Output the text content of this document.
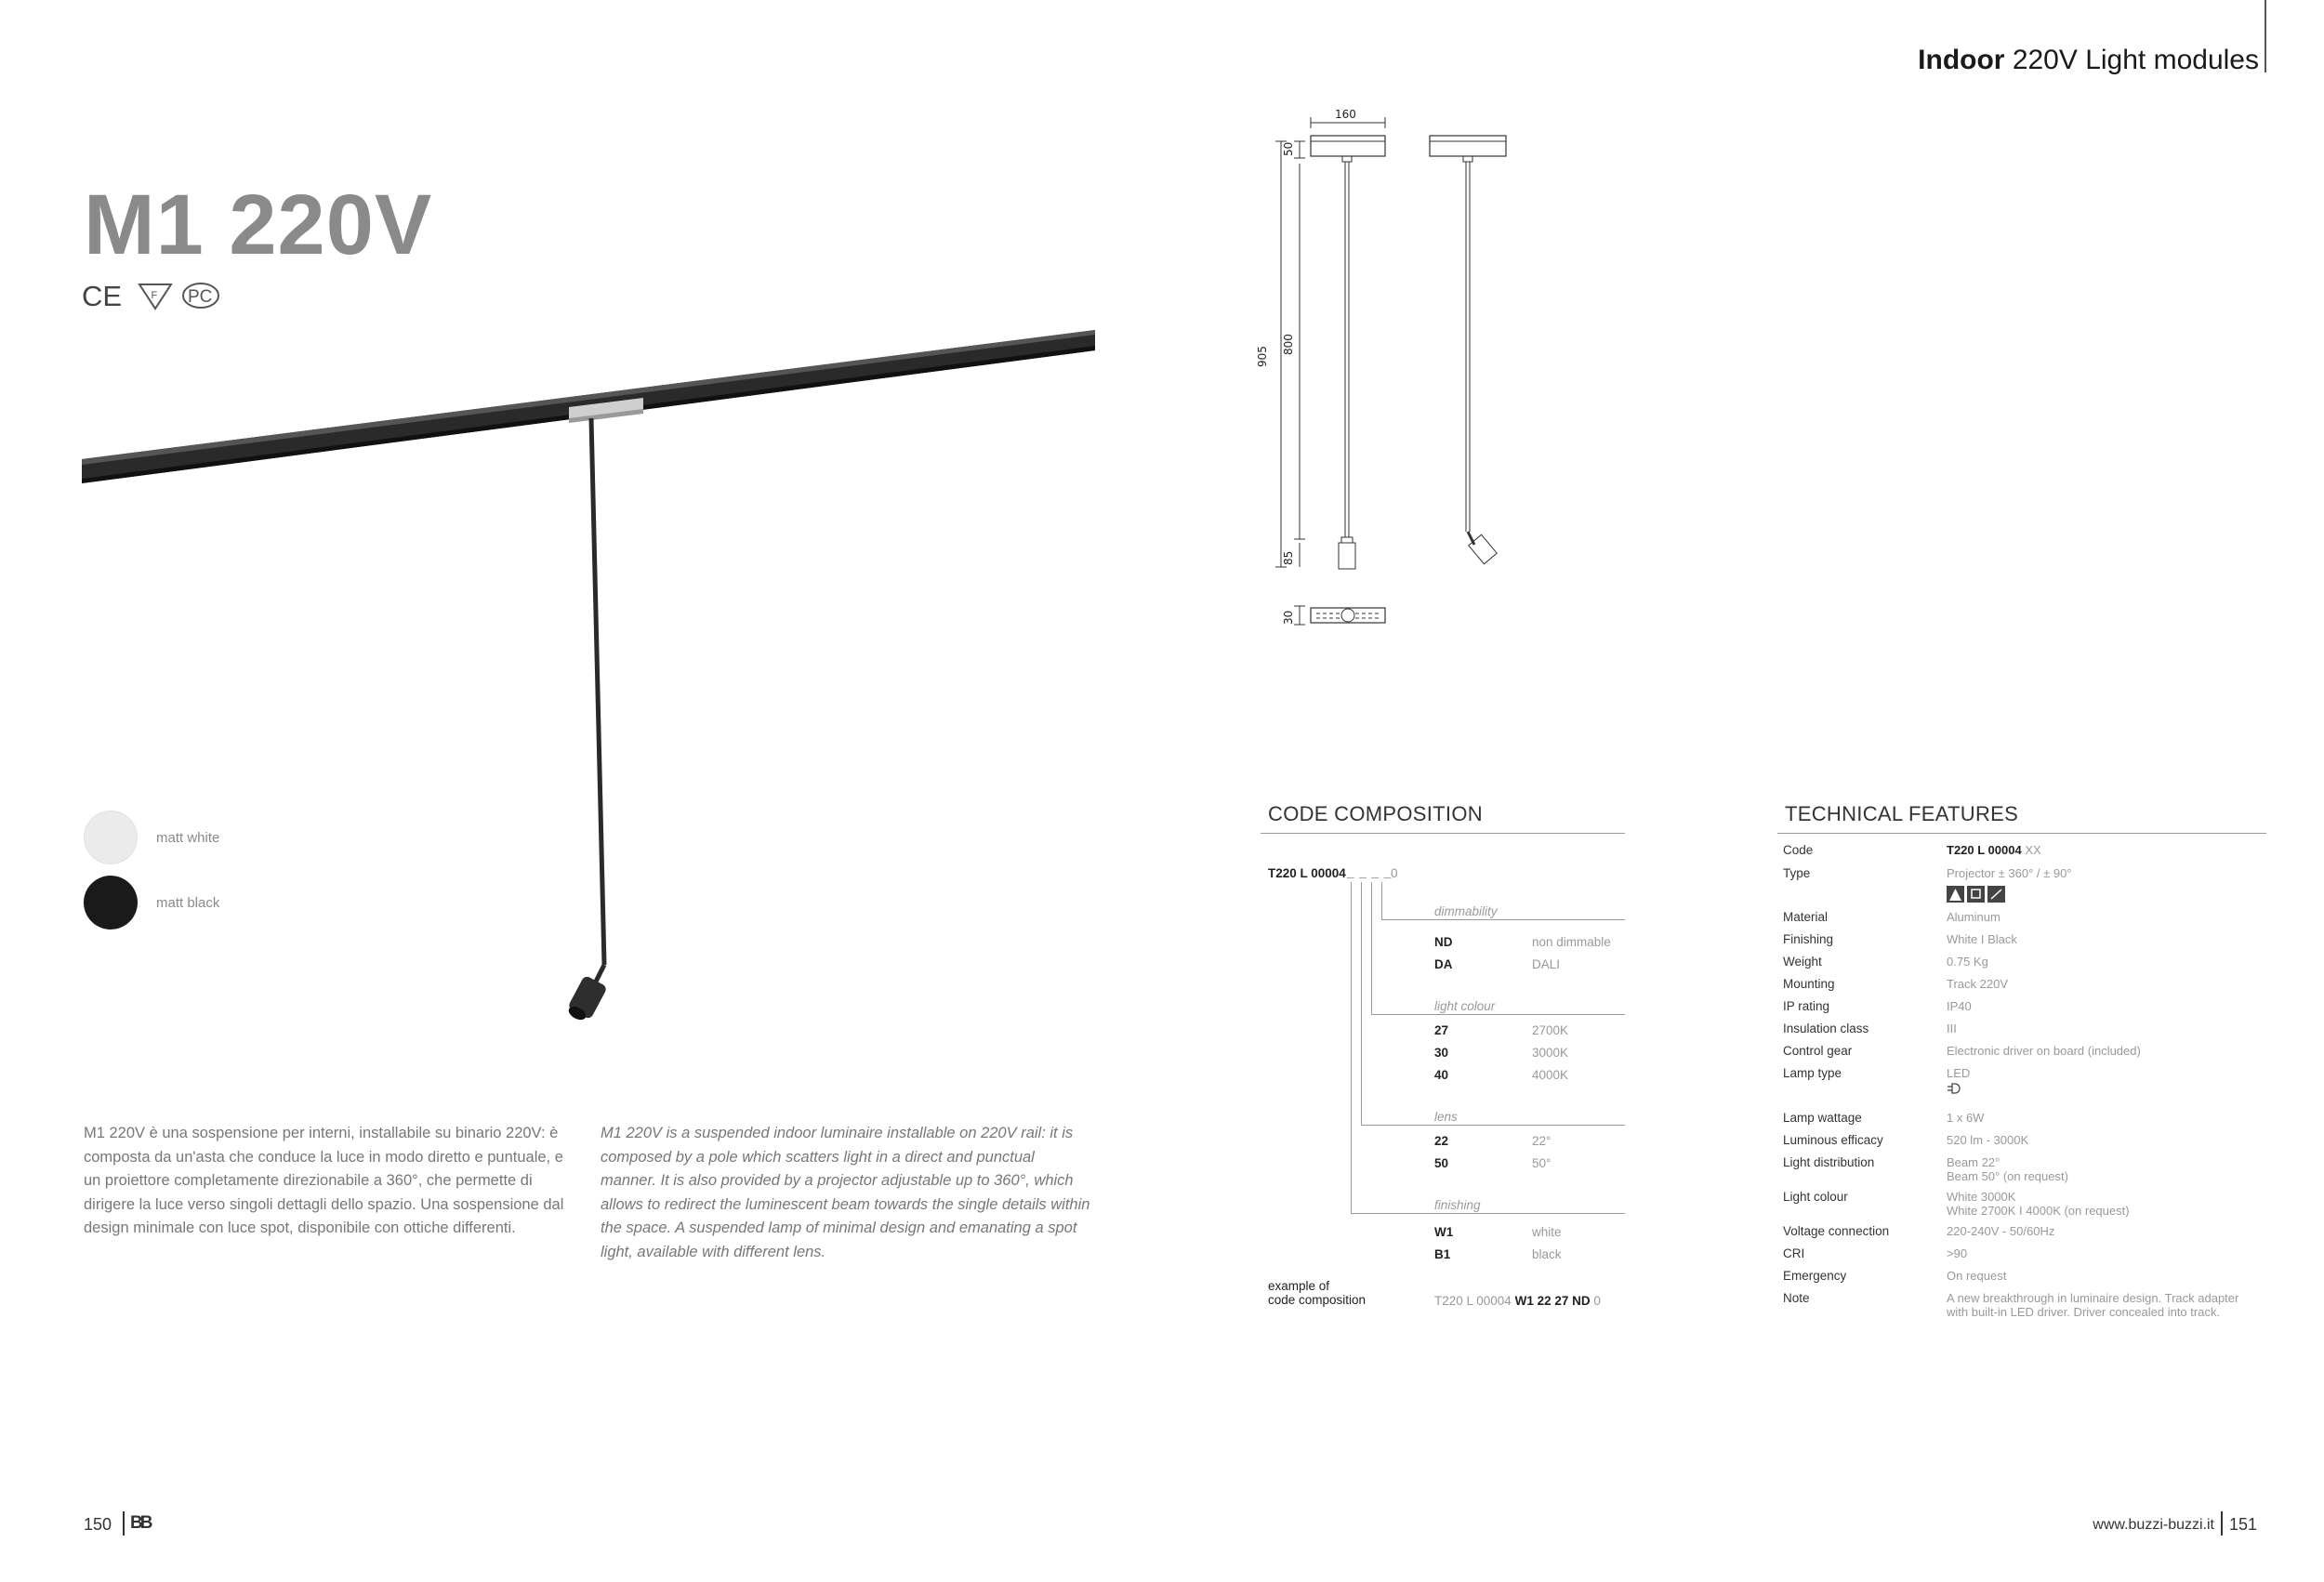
Indoor 220V Light modules
M1 220V
CE	F PC
matt white
matt black
M1 220V è una sospensione per interni, installabile su binario 220V: è composta da un'asta che conduce la luce in modo diretto e puntuale, e un proiettore completamente direzionabile a 360°, che permette di dirigere la luce verso singoli dettagli dello spazio. Una sospensione dal design minimale con luce spot, disponibile con ottiche differenti.
M1 220V is a suspended indoor luminaire installable on 220V rail: it is composed by a pole which scatters light in a direct and punctual manner. It is also provided by a projector adjustable up to 360°, which allows to redirect the luminescent beam towards the single details within the space. A suspended lamp of minimal design and emanating a spot light, available with different lens.
160
905
50
800
85
30
CODE COMPOSITION
T220 L 00004 _ _ _ _
0
dimmability
ND	non dimmable
DA	DALI
light colour
27	2700K
30	3000K
40	4000K
lens
22	22°
50	50°
finishing
W1	white
B1	black
example of
code composition	T220 L 00004 W1 22 27 ND 0
TECHNICAL FEATURES
Code	T220 L 00004 XX
Type	Projector ± 360° / ± 90°
Material	Aluminum
Finishing	White I Black
Weight	0.75 Kg
Mounting	Track 220V
IP rating	IP40
Insulation class	III
Control gear	Electronic driver on board (included)
Lamp type	LED
Lamp wattage	1 x 6W
Luminous efficacy	520 lm - 3000K
Light distribution	Beam 22°
Beam 50° (on request)
Light colour	White 3000K
White 2700K I 4000K (on request)
Voltage connection	220-240V - 50/60Hz
CRI	>90
Emergency	On request
Note	A new breakthrough in luminaire design. Track adapter with built-in LED driver. Driver concealed into track.
150 BB	www.buzzi-buzzi.it 151
